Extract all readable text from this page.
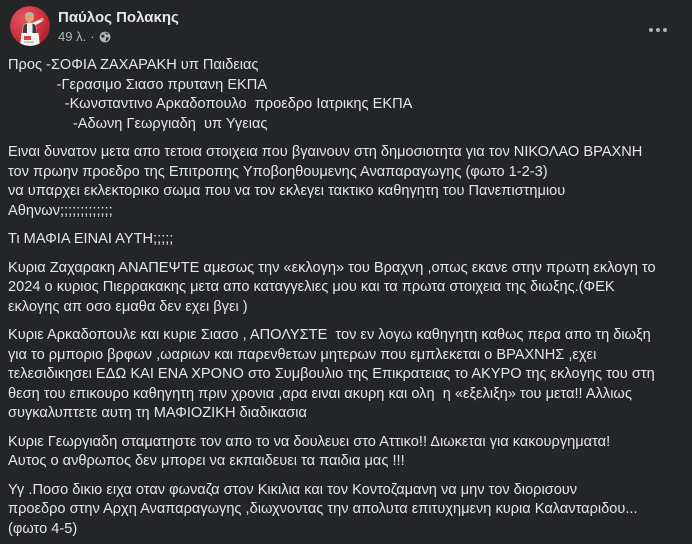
Παύλος Πολακης
49 λ. ·
Προς -ΣΟΦΙΑ ΖΑΧΑΡΑΚΗ υπ Παιδειας
-Γερασιμο Σιασο πρυτανη ΕΚΠΑ
-Κωνσταντινο Αρκαδοπουλο  προεδρο Ιατρικης ΕΚΠΑ
-Αδωνη Γεωργιαδη  υπ Υγειας
Ειναι δυνατον μετα απο τετοια στοιχεια που βγαινουν στη δημοσιοτητα για τον ΝΙΚΟΛΑΟ ΒΡΑΧΝΗ
τον πρωην προεδρο της Επιτροπης Υποβοηθουμενης Αναπαραγωγης (φωτο 1-2-3)
να υπαρχει εκλεκτορικο σωμα που να τον εκλεγει τακτικο καθηγητη του Πανεπιστημιου
Αθηνων;;;;;;;;;;;;;
Τι ΜΑΦΙΑ ΕΙΝΑΙ ΑΥΤΗ;;;;;
Κυρια Ζαχαρακη ΑΝΑΠΕΨΤΕ αμεσως την «εκλογη» του Βραχνη ,οπως εκανε στην πρωτη εκλογη το
2024 ο κυριος Πιερρακακης μετα απο καταγγελιες μου και τα πρωτα στοιχεια της διωξης.(ΦΕΚ
εκλογης απ οσο εμαθα δεν εχει βγει )
Κυριε Αρκαδοπουλε και κυριε Σιασο , ΑΠΟΛΥΣΤΕ  τον εν λογω καθηγητη καθως περα απο τη διωξη
για το ρμποριο βρφων ,ωαριων και παρενθετων μητερων που εμπλεκεται ο ΒΡΑΧΝΗΣ ,εχει
τελεσιδικησει ΕΔΩ ΚΑΙ ΕΝΑ ΧΡΟΝΟ στο Συμβουλιο της Επικρατειας το ΑΚΥΡΟ της εκλογης του στη
θεση του επικουρο καθηγητη πριν χρονια ,αρα ειναι ακυρη και ολη  η «εξελιξη» του μετα!! Αλλιως
συγκαλυπτετε αυτη τη ΜΑΦΙΟΖΙΚΗ διαδικασια
Κυριε Γεωργιαδη σταματηστε τον απο το να δουλευει στο Αττικο!! Διωκεται για κακουργηματα!
Αυτος ο ανθρωπος δεν μπορει να εκπαιδευει τα παιδια μας !!!
Υγ .Ποσο δικιο ειχα οταν φωναζα στον Κικιλια και τον Κοντοζαμανη να μην τον διορισουν
προεδρο στην Αρχη Αναπαραγωγης ,διωχνοντας την απολυτα επιτυχημενη κυρια Καλανταριδου...
(φωτο 4-5)
